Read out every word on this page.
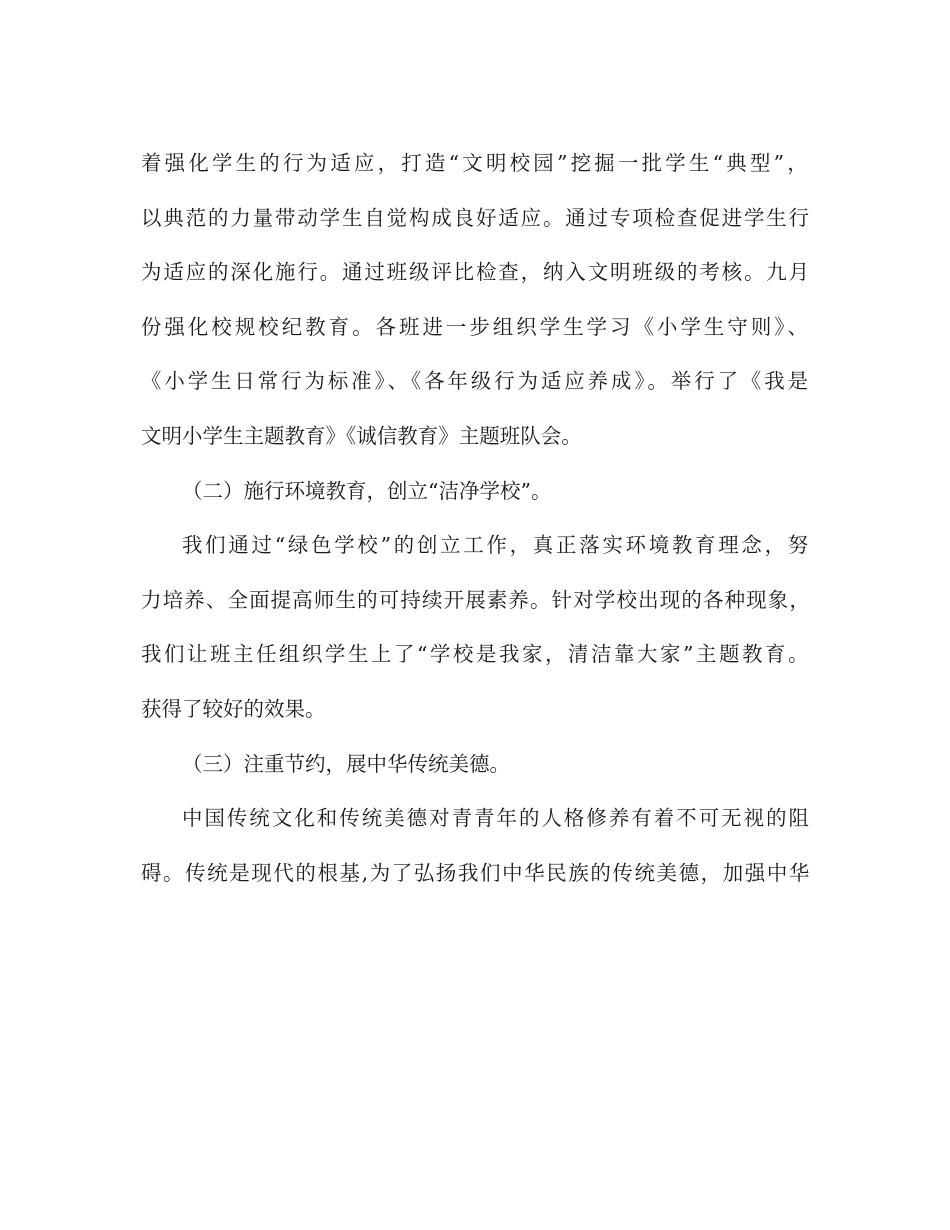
着强化学生的行为适应，打造“文明校园”挖掘一批学生“典型”，
以典范的力量带动学生自觉构成良好适应。通过专项检查促进学生行
为适应的深化施行。通过班级评比检查，纳入文明班级的考核。九月
份强化校规校纪教育。各班进一步组织学生学习《小学生守则》、
《小学生日常行为标准》、《各年级行为适应养成》。举行了《我是
文明小学生主题教育》《诚信教育》主题班队会。
（二）施行环境教育，创立“洁净学校”。
我们通过“绿色学校”的创立工作，真正落实环境教育理念，努
力培养、全面提高师生的可持续开展素养。针对学校出现的各种现象，
我们让班主任组织学生上了“学校是我家，清洁靠大家”主题教育。
获得了较好的效果。
（三）注重节约，展中华传统美德。
中国传统文化和传统美德对青青年的人格修养有着不可无视的阻
碍。传统是现代的根基,为了弘扬我们中华民族的传统美德，加强中华
